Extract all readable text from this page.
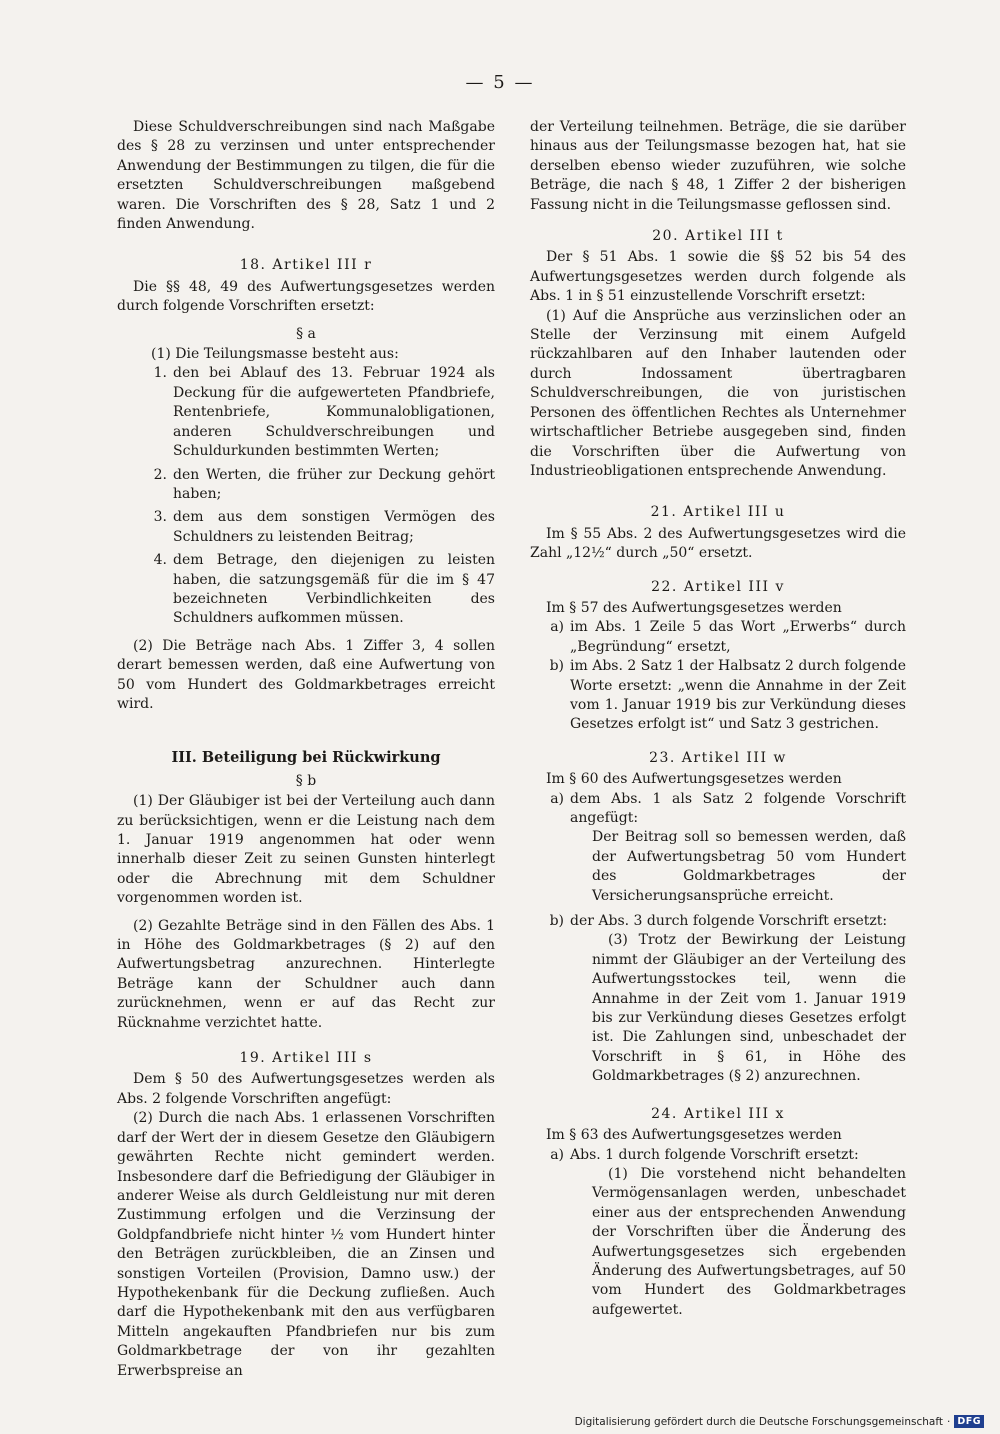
— 5 —

Diese Schuldverschreibungen sind nach Maßgabe des § 28 zu verzinsen und unter entsprechender Anwendung der Bestimmungen zu tilgen, die für die ersetzten Schuldverschreibungen maßgebend waren. Die Vorschriften des § 28, Satz 1 und 2 finden Anwendung.

18. Artikel III r

Die §§ 48, 49 des Aufwertungsgesetzes werden durch folgende Vorschriften ersetzt:

§ a

(1) Die Teilungsmasse besteht aus:

1. den bei Ablauf des 13. Februar 1924 als Deckung für die aufgewerteten Pfandbriefe, Rentenbriefe, Kommunalobligationen, anderen Schuldverschreibungen und Schuldurkunden bestimmten Werten;
2. den Werten, die früher zur Deckung gehört haben;
3. dem aus dem sonstigen Vermögen des Schuldners zu leistenden Beitrag;
4. dem Betrage, den diejenigen zu leisten haben, die satzungsgemäß für die im § 47 bezeichneten Verbindlichkeiten des Schuldners aufkommen müssen.

(2) Die Beträge nach Abs. 1 Ziffer 3, 4 sollen derart bemessen werden, daß eine Aufwertung von 50 vom Hundert des Goldmarkbetrages erreicht wird.

III. Beteiligung bei Rückwirkung

§ b

(1) Der Gläubiger ist bei der Verteilung auch dann zu berücksichtigen, wenn er die Leistung nach dem 1. Januar 1919 angenommen hat oder wenn innerhalb dieser Zeit zu seinen Gunsten hinterlegt oder die Abrechnung mit dem Schuldner vorgenommen worden ist.

(2) Gezahlte Beträge sind in den Fällen des Abs. 1 in Höhe des Goldmarkbetrages (§ 2) auf den Aufwertungsbetrag anzurechnen. Hinterlegte Beträge kann der Schuldner auch dann zurücknehmen, wenn er auf das Recht zur Rücknahme verzichtet hatte.

19. Artikel III s

Dem § 50 des Aufwertungsgesetzes werden als Abs. 2 folgende Vorschriften angefügt:

(2) Durch die nach Abs. 1 erlassenen Vorschriften darf der Wert der in diesem Gesetze den Gläubigern gewährten Rechte nicht gemindert werden. Insbesondere darf die Befriedigung der Gläubiger in anderer Weise als durch Geldleistung nur mit deren Zustimmung erfolgen und die Verzinsung der Goldpfandbriefe nicht hinter ½ vom Hundert hinter den Beträgen zurückbleiben, die an Zinsen und sonstigen Vorteilen (Provision, Damno usw.) der Hypothekenbank für die Deckung zufließen. Auch darf die Hypothekenbank mit den aus verfügbaren Mitteln angekauften Pfandbriefen nur bis zum Goldmarkbetrage der von ihr gezahlten Erwerbspreise an

der Verteilung teilnehmen. Beträge, die sie darüber hinaus aus der Teilungsmasse bezogen hat, hat sie derselben ebenso wieder zuzuführen, wie solche Beträge, die nach § 48, 1 Ziffer 2 der bisherigen Fassung nicht in die Teilungsmasse geflossen sind.

20. Artikel III t

Der § 51 Abs. 1 sowie die §§ 52 bis 54 des Aufwertungsgesetzes werden durch folgende als Abs. 1 in § 51 einzustellende Vorschrift ersetzt:

(1) Auf die Ansprüche aus verzinslichen oder an Stelle der Verzinsung mit einem Aufgeld rückzahlbaren auf den Inhaber lautenden oder durch Indossament übertragbaren Schuldverschreibungen, die von juristischen Personen des öffentlichen Rechtes als Unternehmer wirtschaftlicher Betriebe ausgegeben sind, finden die Vorschriften über die Aufwertung von Industrieobligationen entsprechende Anwendung.

21. Artikel III u

Im § 55 Abs. 2 des Aufwertungsgesetzes wird die Zahl „12½“ durch „50“ ersetzt.

22. Artikel III v

Im § 57 des Aufwertungsgesetzes werden

a) im Abs. 1 Zeile 5 das Wort „Erwerbs“ durch „Begründung“ ersetzt,
b) im Abs. 2 Satz 1 der Halbsatz 2 durch folgende Worte ersetzt: „wenn die Annahme in der Zeit vom 1. Januar 1919 bis zur Verkündung dieses Gesetzes erfolgt ist“ und Satz 3 gestrichen.

23. Artikel III w

Im § 60 des Aufwertungsgesetzes werden

a) dem Abs. 1 als Satz 2 folgende Vorschrift angefügt:

Der Beitrag soll so bemessen werden, daß der Aufwertungsbetrag 50 vom Hundert des Goldmarkbetrages der Versicherungsansprüche erreicht.

b) der Abs. 3 durch folgende Vorschrift ersetzt:

(3) Trotz der Bewirkung der Leistung nimmt der Gläubiger an der Verteilung des Aufwertungsstockes teil, wenn die Annahme in der Zeit vom 1. Januar 1919 bis zur Verkündung dieses Gesetzes erfolgt ist. Die Zahlungen sind, unbeschadet der Vorschrift in § 61, in Höhe des Goldmarkbetrages (§ 2) anzurechnen.

24. Artikel III x

Im § 63 des Aufwertungsgesetzes werden

a) Abs. 1 durch folgende Vorschrift ersetzt:

(1) Die vorstehend nicht behandelten Vermögensanlagen werden, unbeschadet einer aus der entsprechenden Anwendung der Vorschriften über die Änderung des Aufwertungsgesetzes sich ergebenden Änderung des Aufwertungsbetrages, auf 50 vom Hundert des Goldmarkbetrages aufgewertet.

Digitalisierung gefördert durch die Deutsche Forschungsgemeinschaft · DFG
